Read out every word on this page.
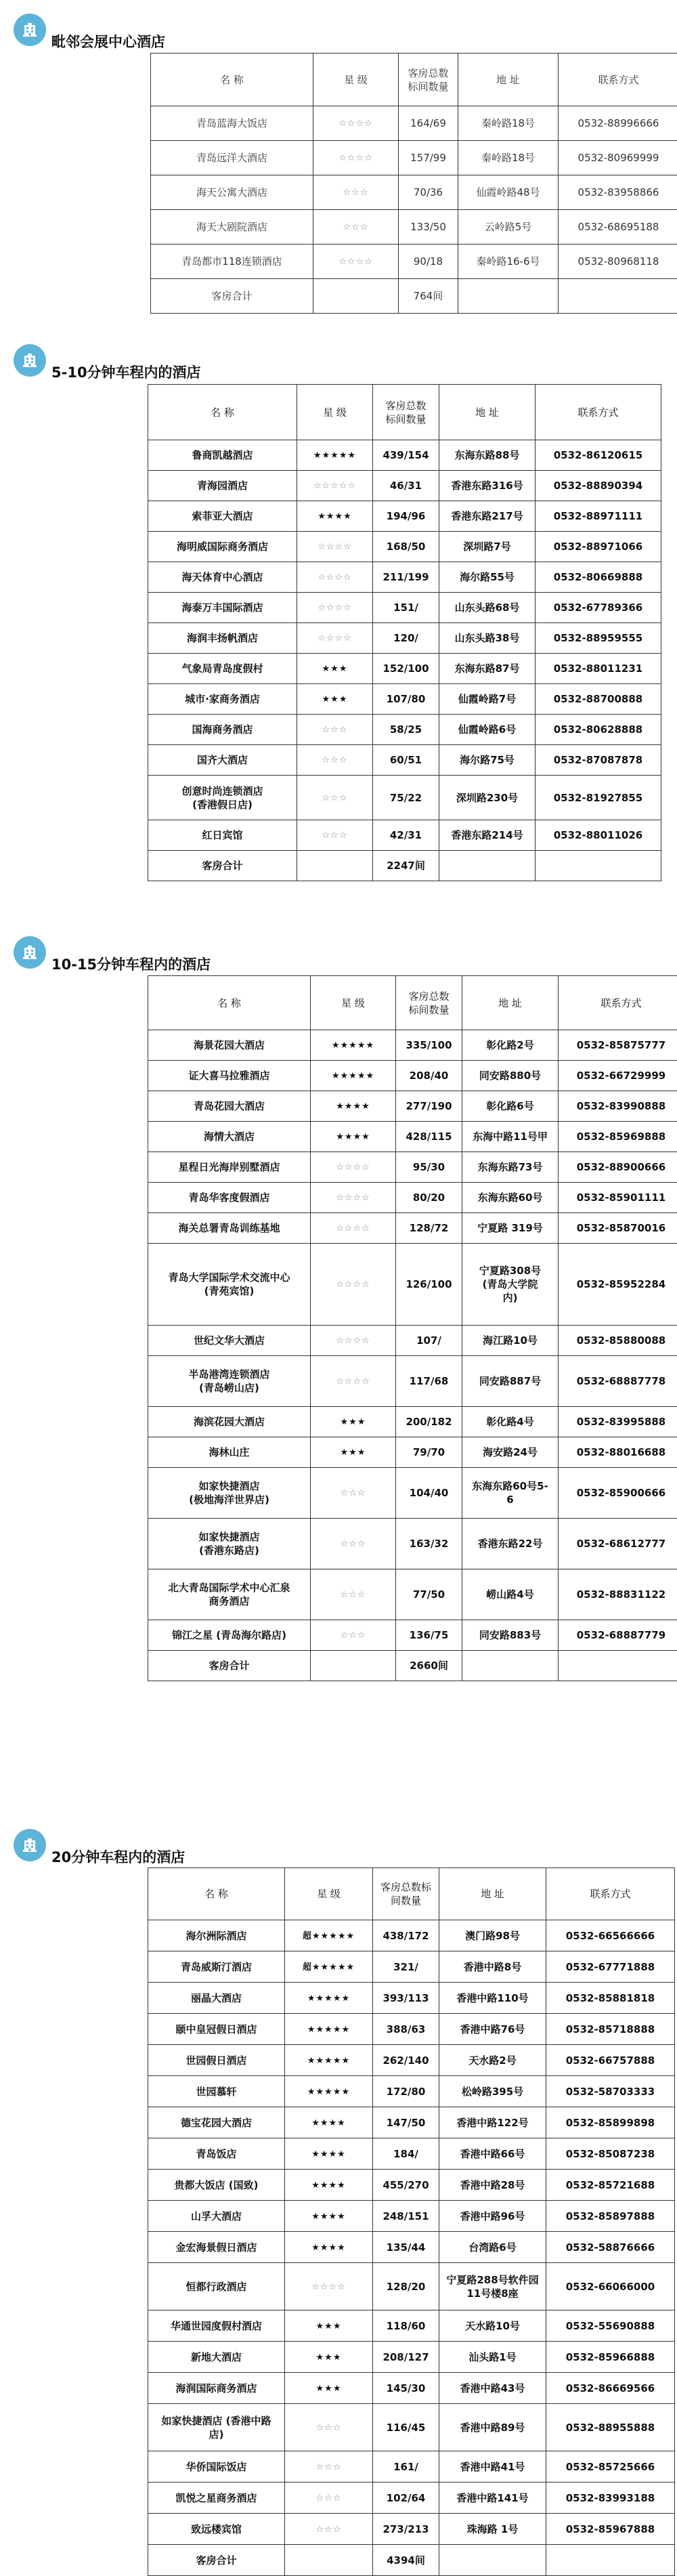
毗邻会展中心酒店
名 称	星 级	客房总数
标间数量	地 址	联系方式
青岛蓝海大饭店	☆☆☆☆	164/69	秦岭路18号	0532-88996666
青岛远洋大酒店	☆☆☆☆	157/99	秦岭路18号	0532-80969999
海天公寓大酒店	☆☆☆	70/36	仙霞岭路48号	0532-83958866
海天大剧院酒店	☆☆☆	133/50	云岭路5号	0532-68695188
青岛都市118连锁酒店	☆☆☆☆	90/18	秦岭路16-6号	0532-80968118
客房合计		764间		
5-10分钟车程内的酒店
名 称	星 级	客房总数
标间数量	地 址	联系方式
鲁商凯越酒店	★★★★★	439/154	东海东路88号	0532-86120615
青海园酒店	☆☆☆☆☆	46/31	香港东路316号	0532-88890394
索菲亚大酒店	★★★★	194/96	香港东路217号	0532-88971111
海明威国际商务酒店	☆☆☆☆	168/50	深圳路7号	0532-88971066
海天体育中心酒店	☆☆☆☆	211/199	海尔路55号	0532-80669888
海泰万丰国际酒店	☆☆☆☆	151/	山东头路68号	0532-67789366
海润丰扬帆酒店	☆☆☆☆	120/	山东头路38号	0532-88959555
气象局青岛度假村	★★★	152/100	东海东路87号	0532-88011231
城市·家商务酒店	★★★	107/80	仙霞岭路7号	0532-88700888
国海商务酒店	☆☆☆	58/25	仙霞岭路6号	0532-80628888
国齐大酒店	☆☆☆	60/51	海尔路75号	0532-87087878
创意时尚连锁酒店
(香港假日店)	☆☆☆	75/22	深圳路230号	0532-81927855
红日宾馆	☆☆☆	42/31	香港东路214号	0532-88011026
客房合计		2247间		
10-15分钟车程内的酒店
名 称	星 级	客房总数
标间数量	地 址	联系方式
海景花园大酒店	★★★★★	335/100	彰化路2号	0532-85875777
证大喜马拉雅酒店	★★★★★	208/40	同安路880号	0532-66729999
青岛花园大酒店	★★★★	277/190	彰化路6号	0532-83990888
海情大酒店	★★★★	428/115	东海中路11号甲	0532-85969888
星程日光海岸别墅酒店	☆☆☆☆	95/30	东海东路73号	0532-88900666
青岛华客度假酒店	☆☆☆☆	80/20	东海东路60号	0532-85901111
海关总署青岛训练基地	☆☆☆☆	128/72	宁夏路 319号	0532-85870016
青岛大学国际学术交流中心
(青苑宾馆)	☆☆☆☆	126/100	宁夏路308号
(青岛大学院
内)	0532-85952284
世纪文华大酒店	☆☆☆☆	107/	海江路10号	0532-85880088
半岛港湾连锁酒店
(青岛崂山店)	☆☆☆☆	117/68	同安路887号	0532-68887778
海滨花园大酒店	★★★	200/182	彰化路4号	0532-83995888
海林山庄	★★★	79/70	海安路24号	0532-88016688
如家快捷酒店
(极地海洋世界店)	☆☆☆	104/40	东海东路60号5-
6	0532-85900666
如家快捷酒店
(香港东路店)	☆☆☆	163/32	香港东路22号	0532-68612777
北大青岛国际学术中心汇泉
商务酒店	☆☆☆	77/50	崂山路4号	0532-88831122
锦江之星 (青岛海尔路店)	☆☆☆	136/75	同安路883号	0532-68887779
客房合计		2660间		
20分钟车程内的酒店
名 称	星 级	客房总数标
间数量	地 址	联系方式
海尔洲际酒店	超★★★★★	438/172	澳门路98号	0532-66566666
青岛威斯汀酒店	超★★★★★	321/	香港中路8号	0532-67771888
丽晶大酒店	★★★★★	393/113	香港中路110号	0532-85881818
颐中皇冠假日酒店	★★★★★	388/63	香港中路76号	0532-85718888
世园假日酒店	★★★★★	262/140	天水路2号	0532-66757888
世园慕轩	★★★★★	172/80	松岭路395号	0532-58703333
德宝花园大酒店	★★★★	147/50	香港中路122号	0532-85899898
青岛饭店	★★★★	184/	香港中路66号	0532-85087238
贵都大饭店 (国致)	★★★★	455/270	香港中路28号	0532-85721688
山孚大酒店	★★★★	248/151	香港中路96号	0532-85897888
金宏海景假日酒店	★★★★	135/44	台湾路6号	0532-58876666
恒都行政酒店	☆☆☆☆	128/20	宁夏路288号软件园
11号楼8座	0532-66066000
华通世园度假村酒店	★★★	118/60	天水路10号	0532-55690888
新地大酒店	★★★	208/127	汕头路1号	0532-85966888
海润国际商务酒店	★★★	145/30	香港中路43号	0532-86669566
如家快捷酒店 (香港中路
店)	☆☆☆	116/45	香港中路89号	0532-88955888
华侨国际饭店	☆☆☆	161/	香港中路41号	0532-85725666
凯悦之星商务酒店	☆☆☆	102/64	香港中路141号	0532-83993188
致远楼宾馆	☆☆☆	273/213	珠海路 1号	0532-85967888
客房合计		4394间		
